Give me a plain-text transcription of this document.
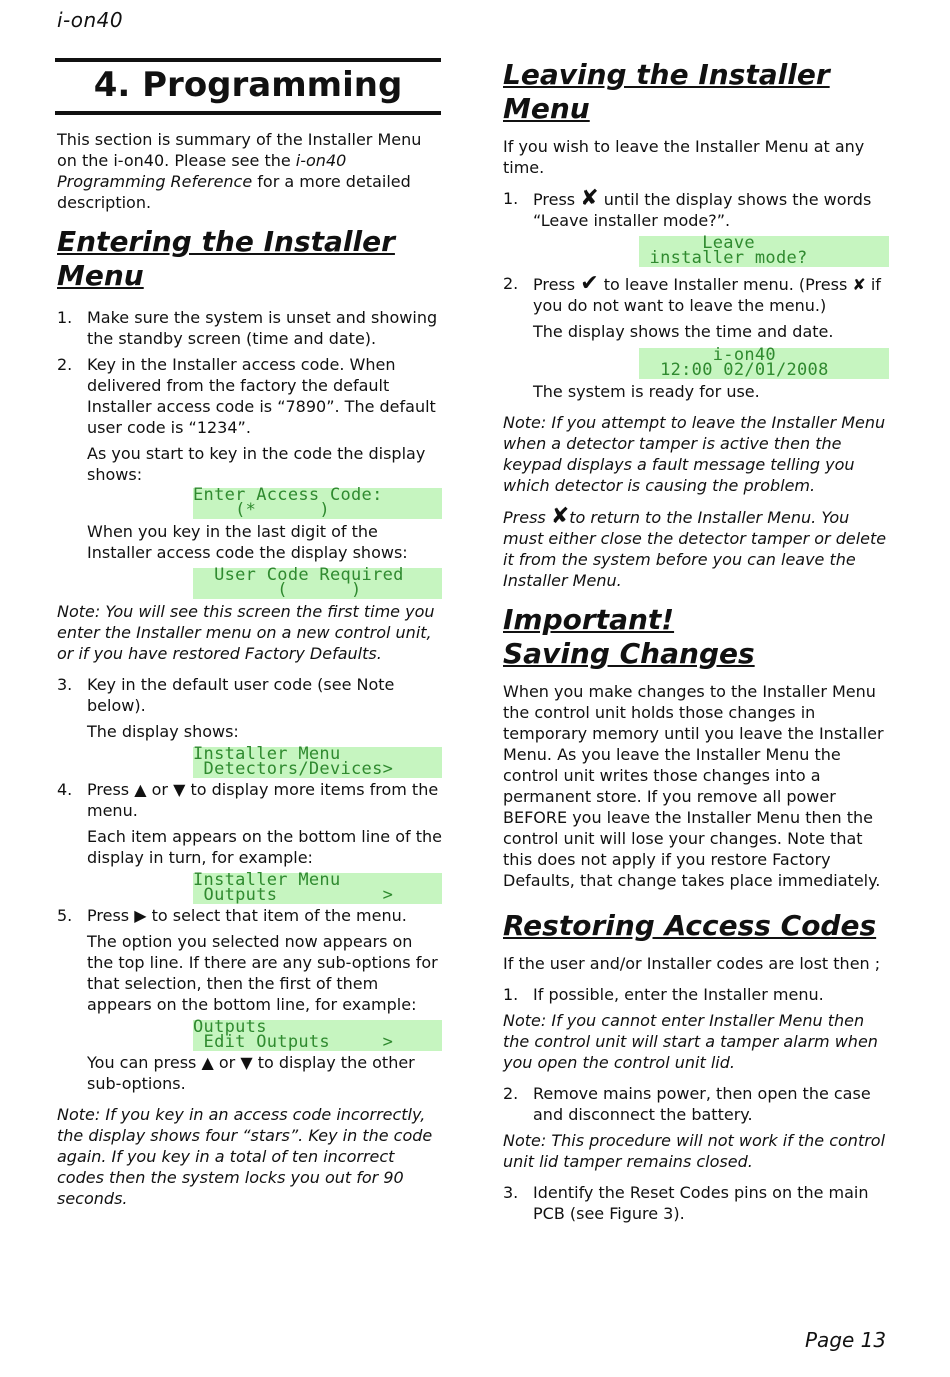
i-on40
4. Programming

This section is summary of the Installer Menu on the i-on40. Please see the i-on40 Programming Reference for a more detailed description.

Entering the Installer Menu
1. Make sure the system is unset and showing the standby screen (time and date).
2. Key in the Installer access code. When delivered from the factory the default Installer access code is “7890”. The default user code is “1234”.

As you start to key in the code the display shows:

Enter Access Code:
(*      )

When you key in the last digit of the Installer access code the display shows:

User Code Required
(      )

Note: You will see this screen the first time you enter the Installer menu on a new control unit, or if you have restored Factory Defaults.

3. Key in the default user code (see Note below).

The display shows:

Installer Menu
Detectors/Devices>
4. Press ▲ or ▼ to display more items from the menu.

Each item appears on the bottom line of the display in turn, for example:

Installer Menu
Outputs          >
5. Press ▶ to select that item of the menu.

The option you selected now appears on the top line. If there are any sub-options for that selection, then the first of them appears on the bottom line, for example:

Outputs
Edit Outputs     >

You can press ▲ or ▼ to display the other sub-options.

Note: If you key in an access code incorrectly, the display shows four “stars”. Key in the code again. If you key in a total of ten incorrect codes then the system locks you out for 90 seconds.

Leaving the Installer Menu

If you wish to leave the Installer Menu at any time.

1. Press ✘ until the display shows the words “Leave installer mode?”.
Leave
installer mode?
2. Press ✔ to leave Installer menu. (Press ✘ if you do not want to leave the menu.)

The display shows the time and date.

i-on40
12:00 02/01/2008

The system is ready for use.

Note: If you attempt to leave the Installer Menu when a detector tamper is active then the keypad displays a fault message telling you which detector is causing the problem.

Press ✘to return to the Installer Menu. You must either close the detector tamper or delete it from the system before you can leave the Installer Menu.

Important!
Saving Changes

When you make changes to the Installer Menu the control unit holds those changes in temporary memory until you leave the Installer Menu. As you leave the Installer Menu the control unit writes those changes into a permanent store. If you remove all power BEFORE you leave the Installer Menu then the control unit will lose your changes. Note that this does not apply if you restore Factory Defaults, that change takes place immediately.

Restoring Access Codes

If the user and/or Installer codes are lost then ;

1. If possible, enter the Installer menu.

Note: If you cannot enter Installer Menu then the control unit will start a tamper alarm when you open the control unit lid.

2. Remove mains power, then open the case and disconnect the battery.

Note: This procedure will not work if the control unit lid tamper remains closed.

3. Identify the Reset Codes pins on the main PCB (see Figure 3).
Page 13
